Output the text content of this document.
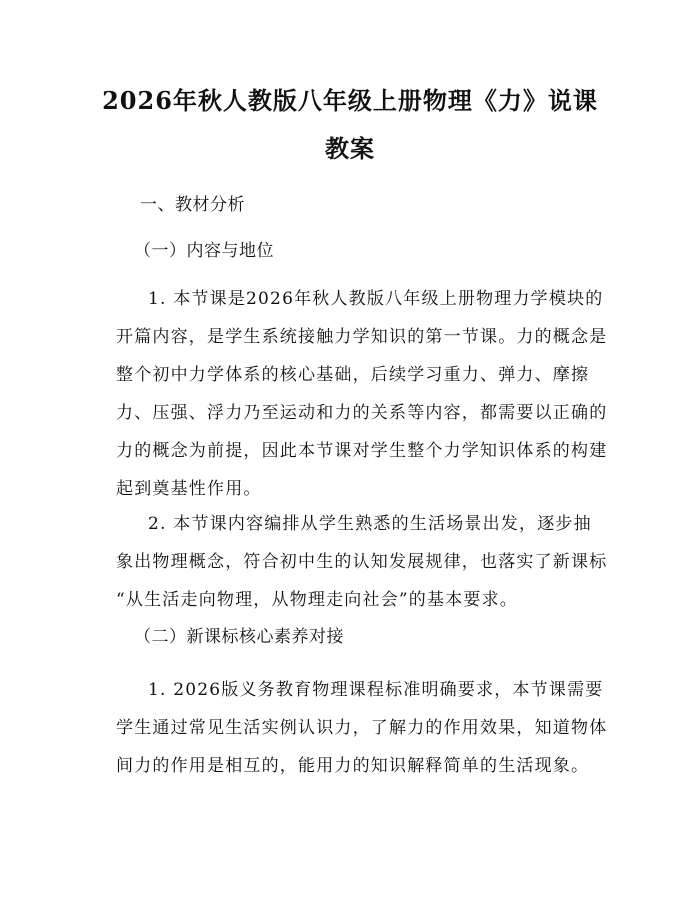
2026年秋人教版八年级上册物理《力》说课
教案
一、教材分析
（一）内容与地位
1. 本节课是2026年秋人教版八年级上册物理力学模块的
开篇内容，是学生系统接触力学知识的第一节课。力的概念是
整个初中力学体系的核心基础，后续学习重力、弹力、摩擦
力、压强、浮力乃至运动和力的关系等内容，都需要以正确的
力的概念为前提，因此本节课对学生整个力学知识体系的构建
起到奠基性作用。
2. 本节课内容编排从学生熟悉的生活场景出发，逐步抽
象出物理概念，符合初中生的认知发展规律，也落实了新课标
“从生活走向物理，从物理走向社会”的基本要求。
（二）新课标核心素养对接
1. 2026版义务教育物理课程标准明确要求，本节课需要
学生通过常见生活实例认识力，了解力的作用效果，知道物体
间力的作用是相互的，能用力的知识解释简单的生活现象。
